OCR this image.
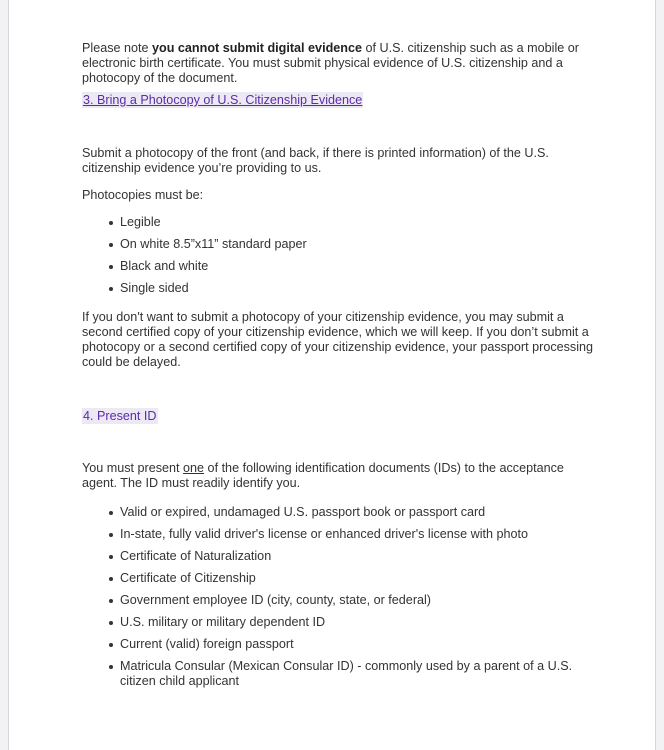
Please note you cannot submit digital evidence of U.S. citizenship such as a mobile or electronic birth certificate. You must submit physical evidence of U.S. citizenship and a photocopy of the document.

3. Bring a Photocopy of U.S. Citizenship Evidence

Submit a photocopy of the front (and back, if there is printed information) of the U.S. citizenship evidence you’re providing to us.

Photocopies must be:

Legible
On white 8.5”x11” standard paper
Black and white
Single sided

If you don't want to submit a photocopy of your citizenship evidence, you may submit a second certified copy of your citizenship evidence, which we will keep. If you don’t submit a photocopy or a second certified copy of your citizenship evidence, your passport processing could be delayed.

4. Present ID

You must present one of the following identification documents (IDs) to the acceptance agent. The ID must readily identify you.

Valid or expired, undamaged U.S. passport book or passport card
In-state, fully valid driver's license or enhanced driver's license with photo
Certificate of Naturalization
Certificate of Citizenship
Government employee ID (city, county, state, or federal)
U.S. military or military dependent ID
Current (valid) foreign passport
Matricula Consular (Mexican Consular ID) - commonly used by a parent of a U.S. citizen child applicant
